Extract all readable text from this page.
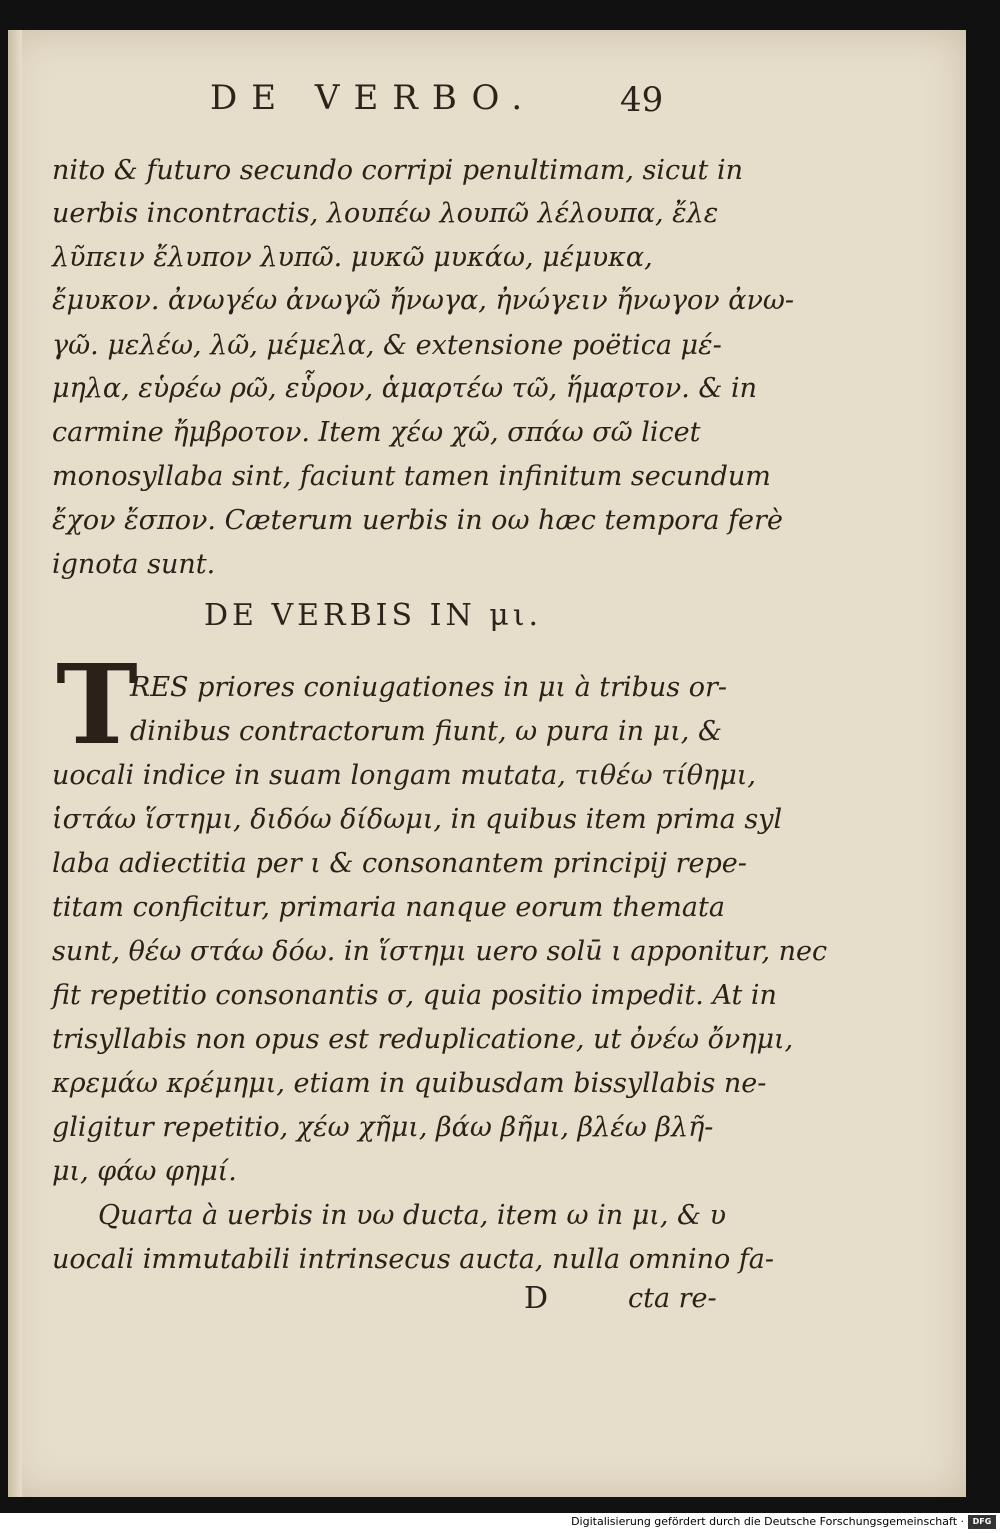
DE VERBO. 49
nito & futuro secundo corripi penultimam, sicut in
uerbis incontractis, λουπέω λουπῶ λέλουπα, ἔλε
λῦπειν ἔλυπον λυπῶ. μυκῶ μυκάω, μέμυκα,
ἔμυκον. ἀνωγέω ἀνωγῶ ἤνωγα, ἠνώγειν ἤνωγον ἀνω-
γῶ. μελέω, λῶ, μέμελα, & extensione poëtica μέ-
μηλα, εὑρέω ρῶ, εὗρον, ἁμαρτέω τῶ, ἥμαρτον. & in
carmine ἤμβροτον. Item χέω χῶ, σπάω σῶ licet
monosyllaba sint, faciunt tamen infinitum secundum
ἔχον ἔσπον. Cæterum uerbis in οω hæc tempora ferè
ignota sunt.
DE VERBIS IN μι.
T
RES priores coniugationes in μι à tribus or-
dinibus contractorum fiunt, ω pura in μι, &
uocali indice in suam longam mutata, τιθέω τίθημι,
ἱστάω ἵστημι, διδόω δίδωμι, in quibus item prima syl
laba adiectitia per ι & consonantem principij repe-
titam conficitur, primaria nanque eorum themata
sunt, θέω στάω δόω. in ἵστημι uero solū ι apponitur, nec
fit repetitio consonantis σ, quia positio impedit. At in
trisyllabis non opus est reduplicatione, ut ὀνέω ὄνημι,
κρεμάω κρέμημι, etiam in quibusdam bissyllabis ne-
gligitur repetitio, χέω χῆμι, βάω βῆμι, βλέω βλῆ-
μι, φάω φημί.
Quarta à uerbis in υω ducta, item ω in μι, & υ
uocali immutabili intrinsecus aucta, nulla omnino fa-
D	cta re-
Digitalisierung gefördert durch die Deutsche Forschungsgemeinschaft ·	DFG
